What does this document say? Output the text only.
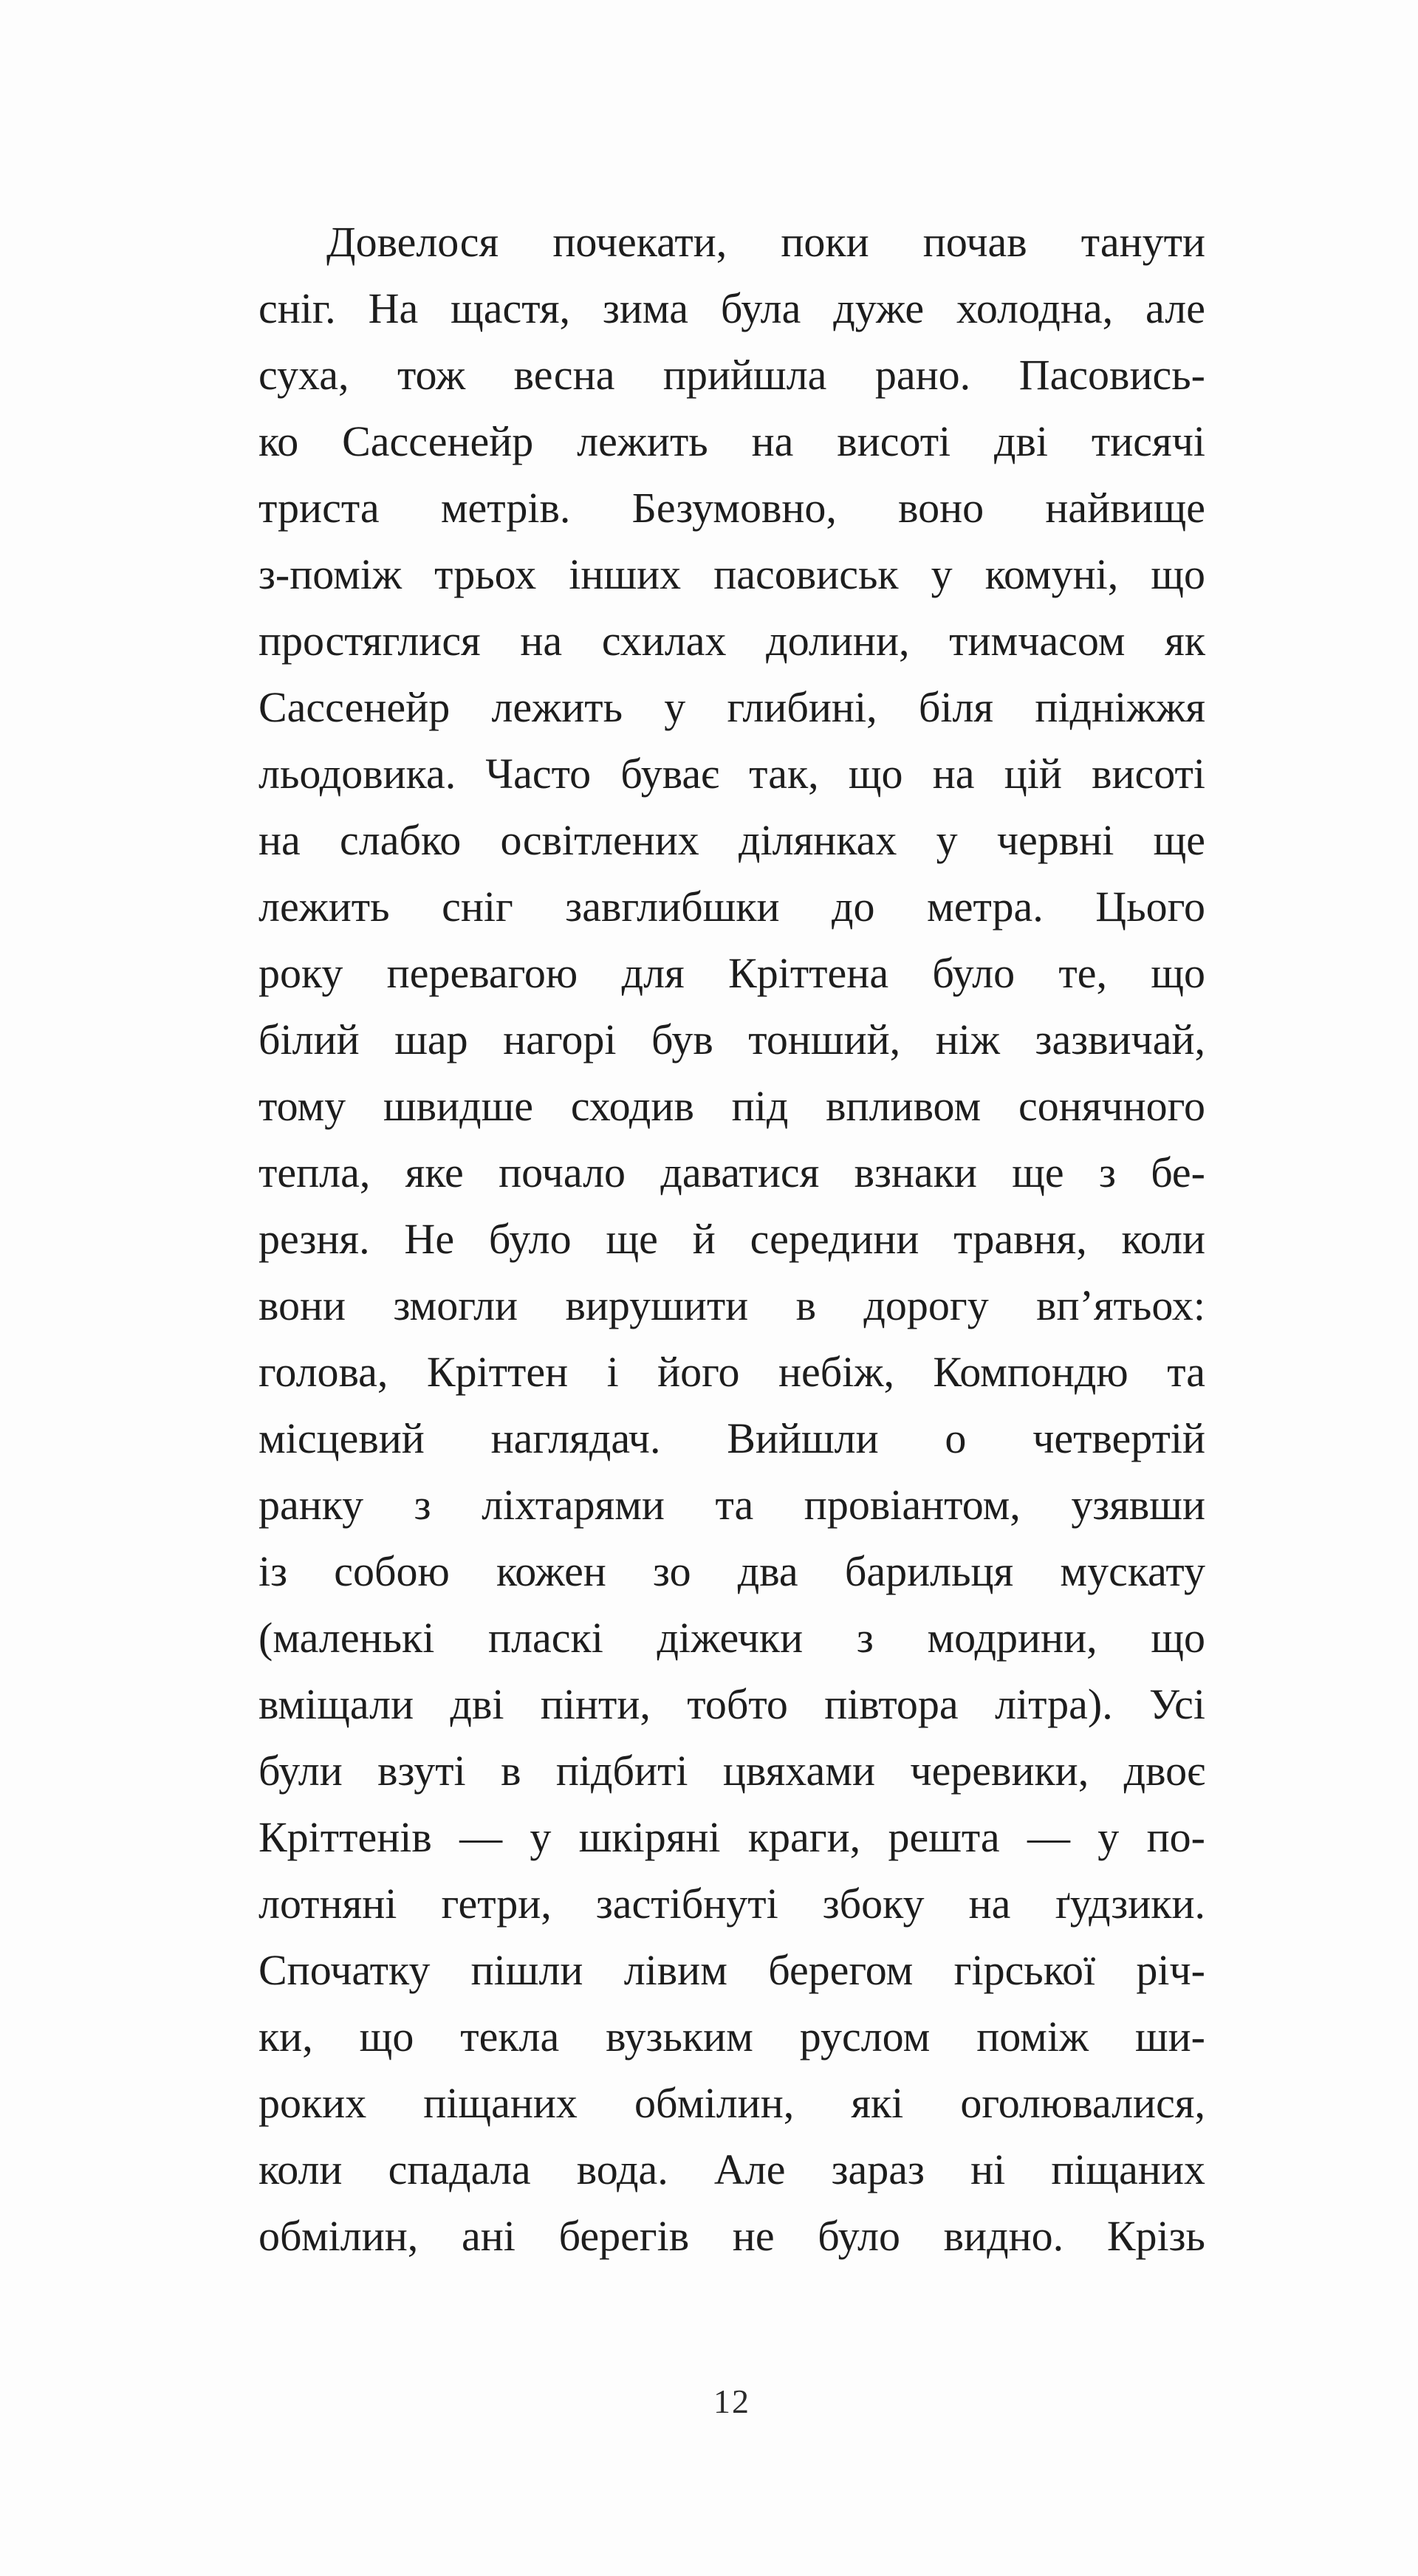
Довелося почекати, поки почав танути
сніг. На щастя, зима була дуже холодна, але
суха, тож весна прийшла рано. Пасовись-
ко Сассенейр лежить на висоті дві тисячі
триста метрів. Безумовно, воно найвище
з-поміж трьох інших пасовиськ у комуні, що
простяглися на схилах долини, тимчасом як
Сассенейр лежить у глибині, біля підніжжя
льодовика. Часто буває так, що на цій висоті
на слабко освітлених ділянках у червні ще
лежить сніг завглибшки до метра. Цього
року перевагою для Кріттена було те, що
білий шар нагорі був тонший, ніж зазвичай,
тому швидше сходив під впливом сонячного
тепла, яке почало даватися взнаки ще з бе-
резня. Не було ще й середини травня, коли
вони змогли вирушити в дорогу вп’ятьох:
голова, Кріттен і його небіж, Компондю та
місцевий наглядач. Вийшли о четвертій
ранку з ліхтарями та провіантом, узявши
із собою кожен зо два барильця мускату
(маленькі пласкі діжечки з модрини, що
вміщали дві пінти, тобто півтора літра). Усі
були взуті в підбиті цвяхами черевики, двоє
Кріттенів — у шкіряні краги, решта — у по-
лотняні гетри, застібнуті збоку на ґудзики.
Спочатку пішли лівим берегом гірської річ-
ки, що текла вузьким руслом поміж ши-
роких піщаних обмілин, які оголювалися,
коли спадала вода. Але зараз ні піщаних
обмілин, ані берегів не було видно. Крізь
12
